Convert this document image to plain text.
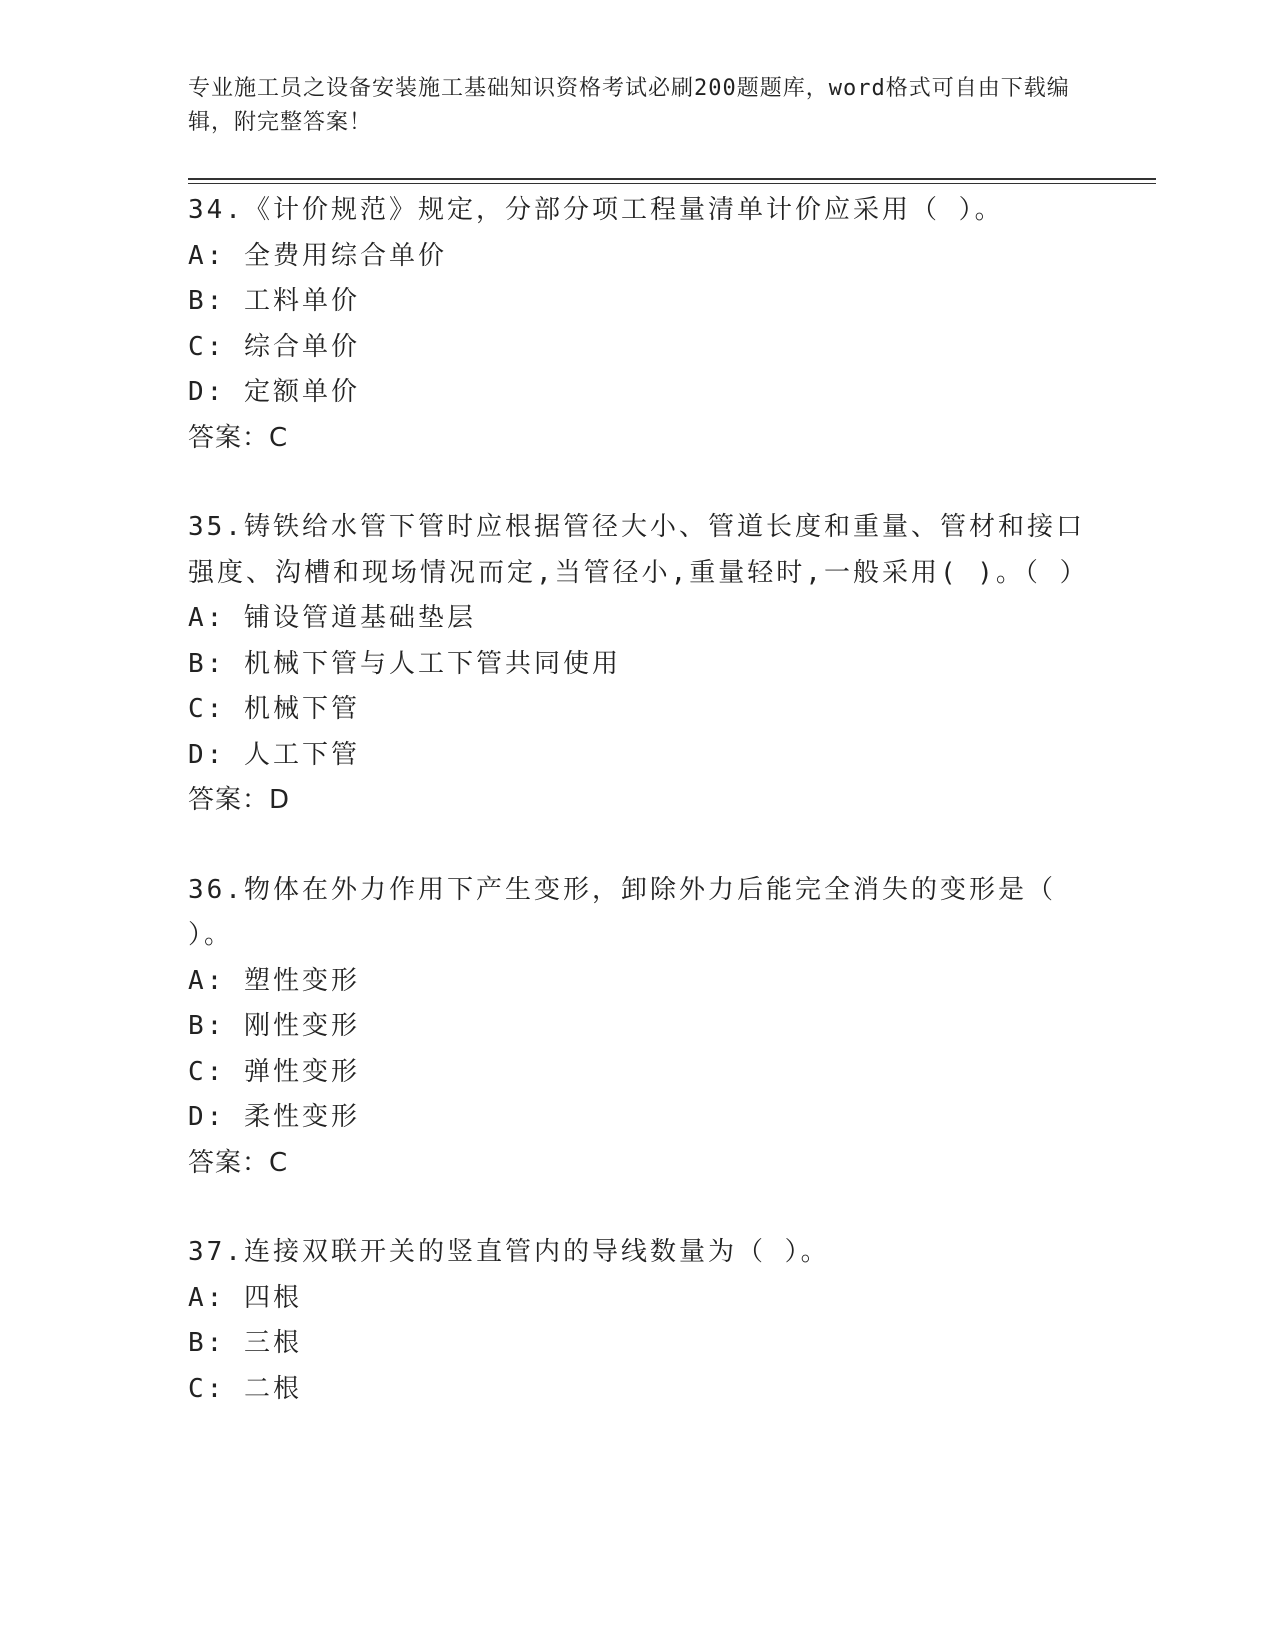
专业施工员之设备安装施工基础知识资格考试必刷200题题库，word格式可自由下载编辑，附完整答案！
34.《计价规范》规定，分部分项工程量清单计价应采用（ ）。
A: 全费用综合单价
B: 工料单价
C: 综合单价
D: 定额单价
答案：C
35.铸铁给水管下管时应根据管径大小、管道长度和重量、管材和接口强度、沟槽和现场情况而定,当管径小,重量轻时,一般采用( )。（ ）
A: 铺设管道基础垫层
B: 机械下管与人工下管共同使用
C: 机械下管
D: 人工下管
答案：D
36.物体在外力作用下产生变形，卸除外力后能完全消失的变形是（ ）。
A: 塑性变形
B: 刚性变形
C: 弹性变形
D: 柔性变形
答案：C
37.连接双联开关的竖直管内的导线数量为（ ）。
A: 四根
B: 三根
C: 二根
